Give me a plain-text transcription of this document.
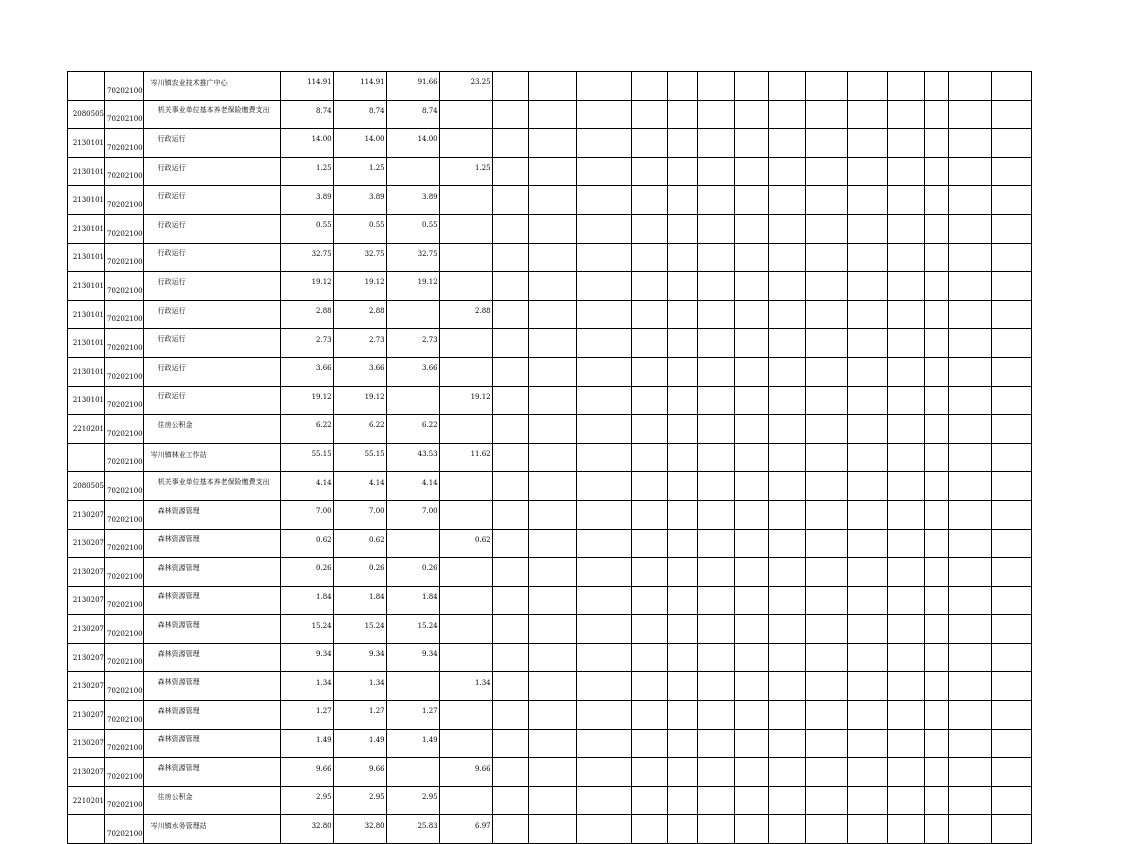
	70202100	岑川镇农业技术推广中心	114.91	114.91	91.66	23.25														

2080505	70202100	机关事业单位基本养老保险缴费支出	8.74	8.74	8.74															

2130101	70202100	行政运行	14.00	14.00	14.00															

2130101	70202100	行政运行	1.25	1.25		1.25														

2130101	70202100	行政运行	3.89	3.89	3.89															

2130101	70202100	行政运行	0.55	0.55	0.55															

2130101	70202100	行政运行	32.75	32.75	32.75															

2130101	70202100	行政运行	19.12	19.12	19.12															

2130101	70202100	行政运行	2.88	2.88		2.88														

2130101	70202100	行政运行	2.73	2.73	2.73															

2130101	70202100	行政运行	3.66	3.66	3.66															

2130101	70202100	行政运行	19.12	19.12		19.12														

2210201	70202100	住房公积金	6.22	6.22	6.22															

	70202100	岑川镇林业工作站	55.15	55.15	43.53	11.62														

2080505	70202100	机关事业单位基本养老保险缴费支出	4.14	4.14	4.14															

2130207	70202100	森林资源管理	7.00	7.00	7.00															

2130207	70202100	森林资源管理	0.62	0.62		0.62														

2130207	70202100	森林资源管理	0.26	0.26	0.26															

2130207	70202100	森林资源管理	1.84	1.84	1.84															

2130207	70202100	森林资源管理	15.24	15.24	15.24															

2130207	70202100	森林资源管理	9.34	9.34	9.34															

2130207	70202100	森林资源管理	1.34	1.34		1.34														

2130207	70202100	森林资源管理	1.27	1.27	1.27															

2130207	70202100	森林资源管理	1.49	1.49	1.49															

2130207	70202100	森林资源管理	9.66	9.66		9.66														

2210201	70202100	住房公积金	2.95	2.95	2.95															

	70202100	岑川镇水务管理站	32.80	32.80	25.83	6.97														
